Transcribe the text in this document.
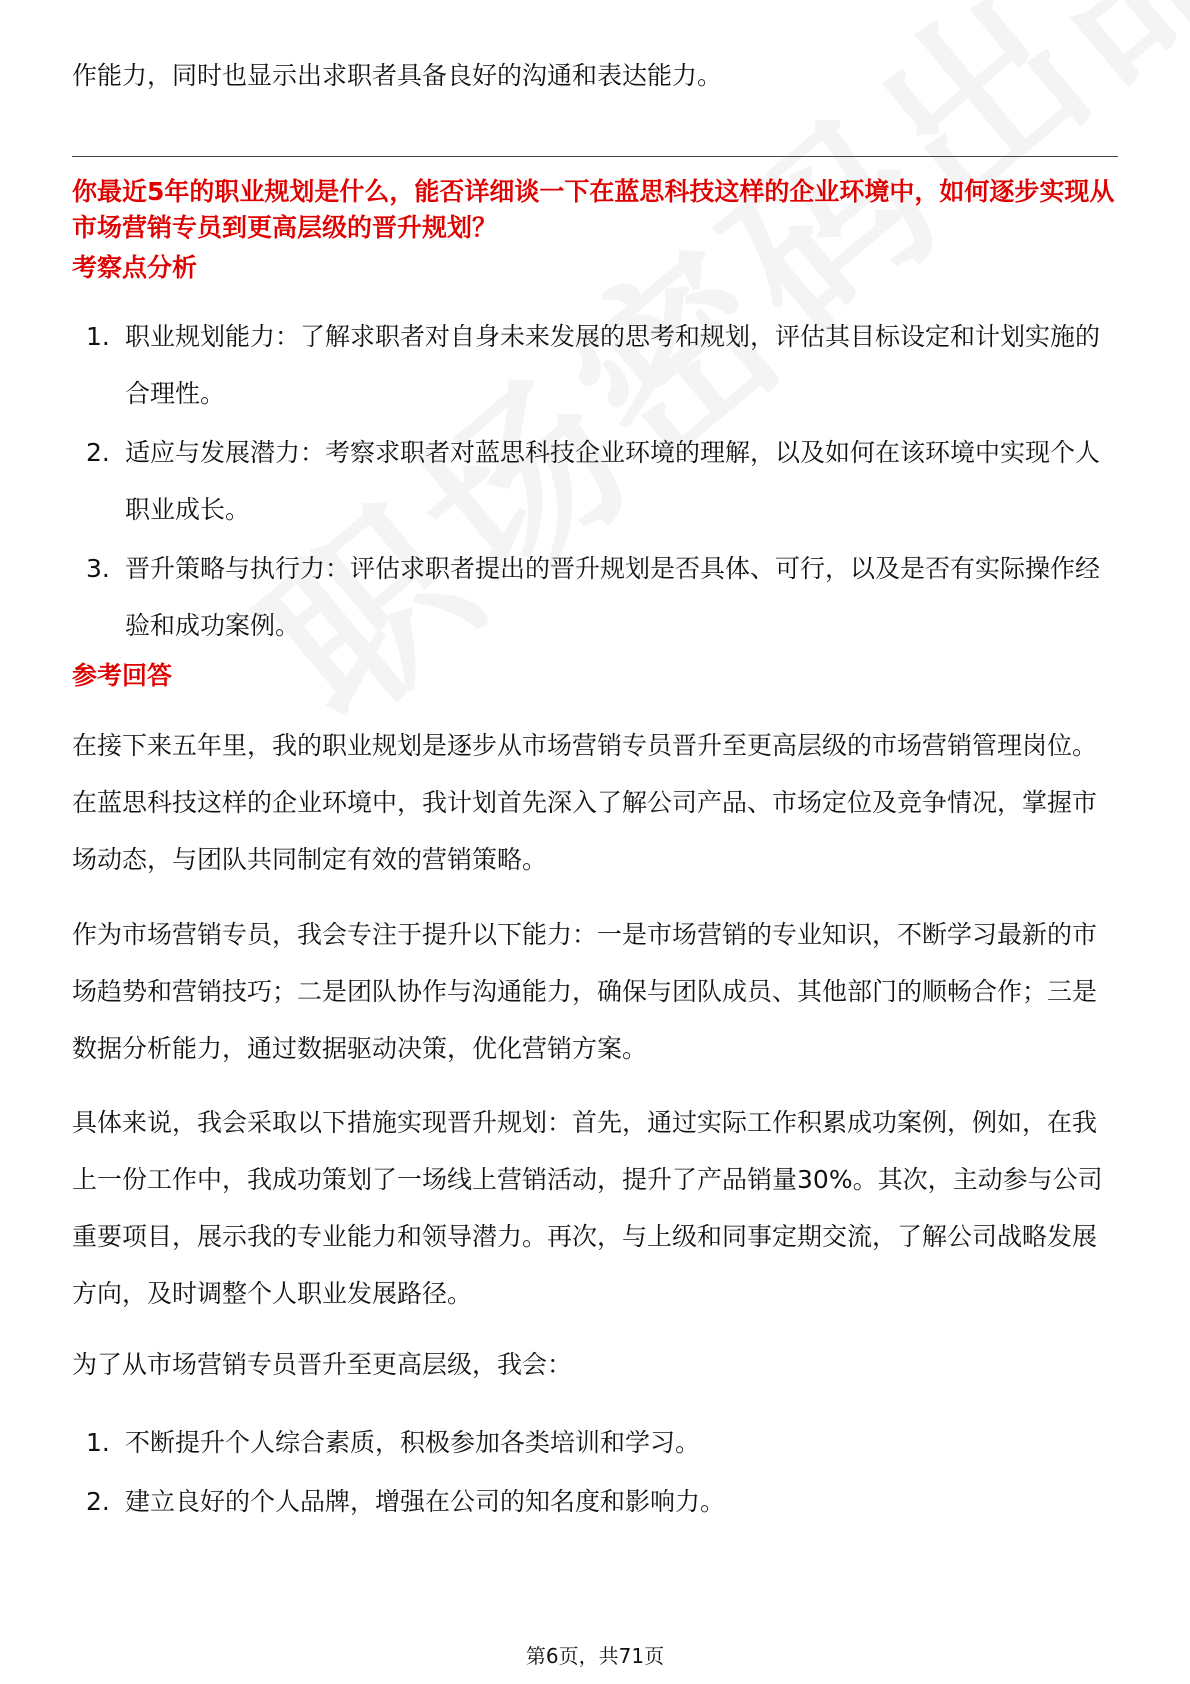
作能力，同时也显示出求职者具备良好的沟通和表达能力。

你最近5年的职业规划是什么，能否详细谈一下在蓝思科技这样的企业环境中，如何逐步实现从市场营销专员到更高层级的晋升规划？

考察点分析

1. 职业规划能力：了解求职者对自身未来发展的思考和规划，评估其目标设定和计划实施的合理性。
2. 适应与发展潜力：考察求职者对蓝思科技企业环境的理解，以及如何在该环境中实现个人职业成长。
3. 晋升策略与执行力：评估求职者提出的晋升规划是否具体、可行，以及是否有实际操作经验和成功案例。

参考回答

在接下来五年里，我的职业规划是逐步从市场营销专员晋升至更高层级的市场营销管理岗位。在蓝思科技这样的企业环境中，我计划首先深入了解公司产品、市场定位及竞争情况，掌握市场动态，与团队共同制定有效的营销策略。

作为市场营销专员，我会专注于提升以下能力：一是市场营销的专业知识，不断学习最新的市场趋势和营销技巧；二是团队协作与沟通能力，确保与团队成员、其他部门的顺畅合作；三是数据分析能力，通过数据驱动决策，优化营销方案。

具体来说，我会采取以下措施实现晋升规划：首先，通过实际工作积累成功案例，例如，在我上一份工作中，我成功策划了一场线上营销活动，提升了产品销量30%。其次，主动参与公司重要项目，展示我的专业能力和领导潜力。再次，与上级和同事定期交流，了解公司战略发展方向，及时调整个人职业发展路径。

为了从市场营销专员晋升至更高层级，我会：

1. 不断提升个人综合素质，积极参加各类培训和学习。
2. 建立良好的个人品牌，增强在公司的知名度和影响力。
第6页，共71页
